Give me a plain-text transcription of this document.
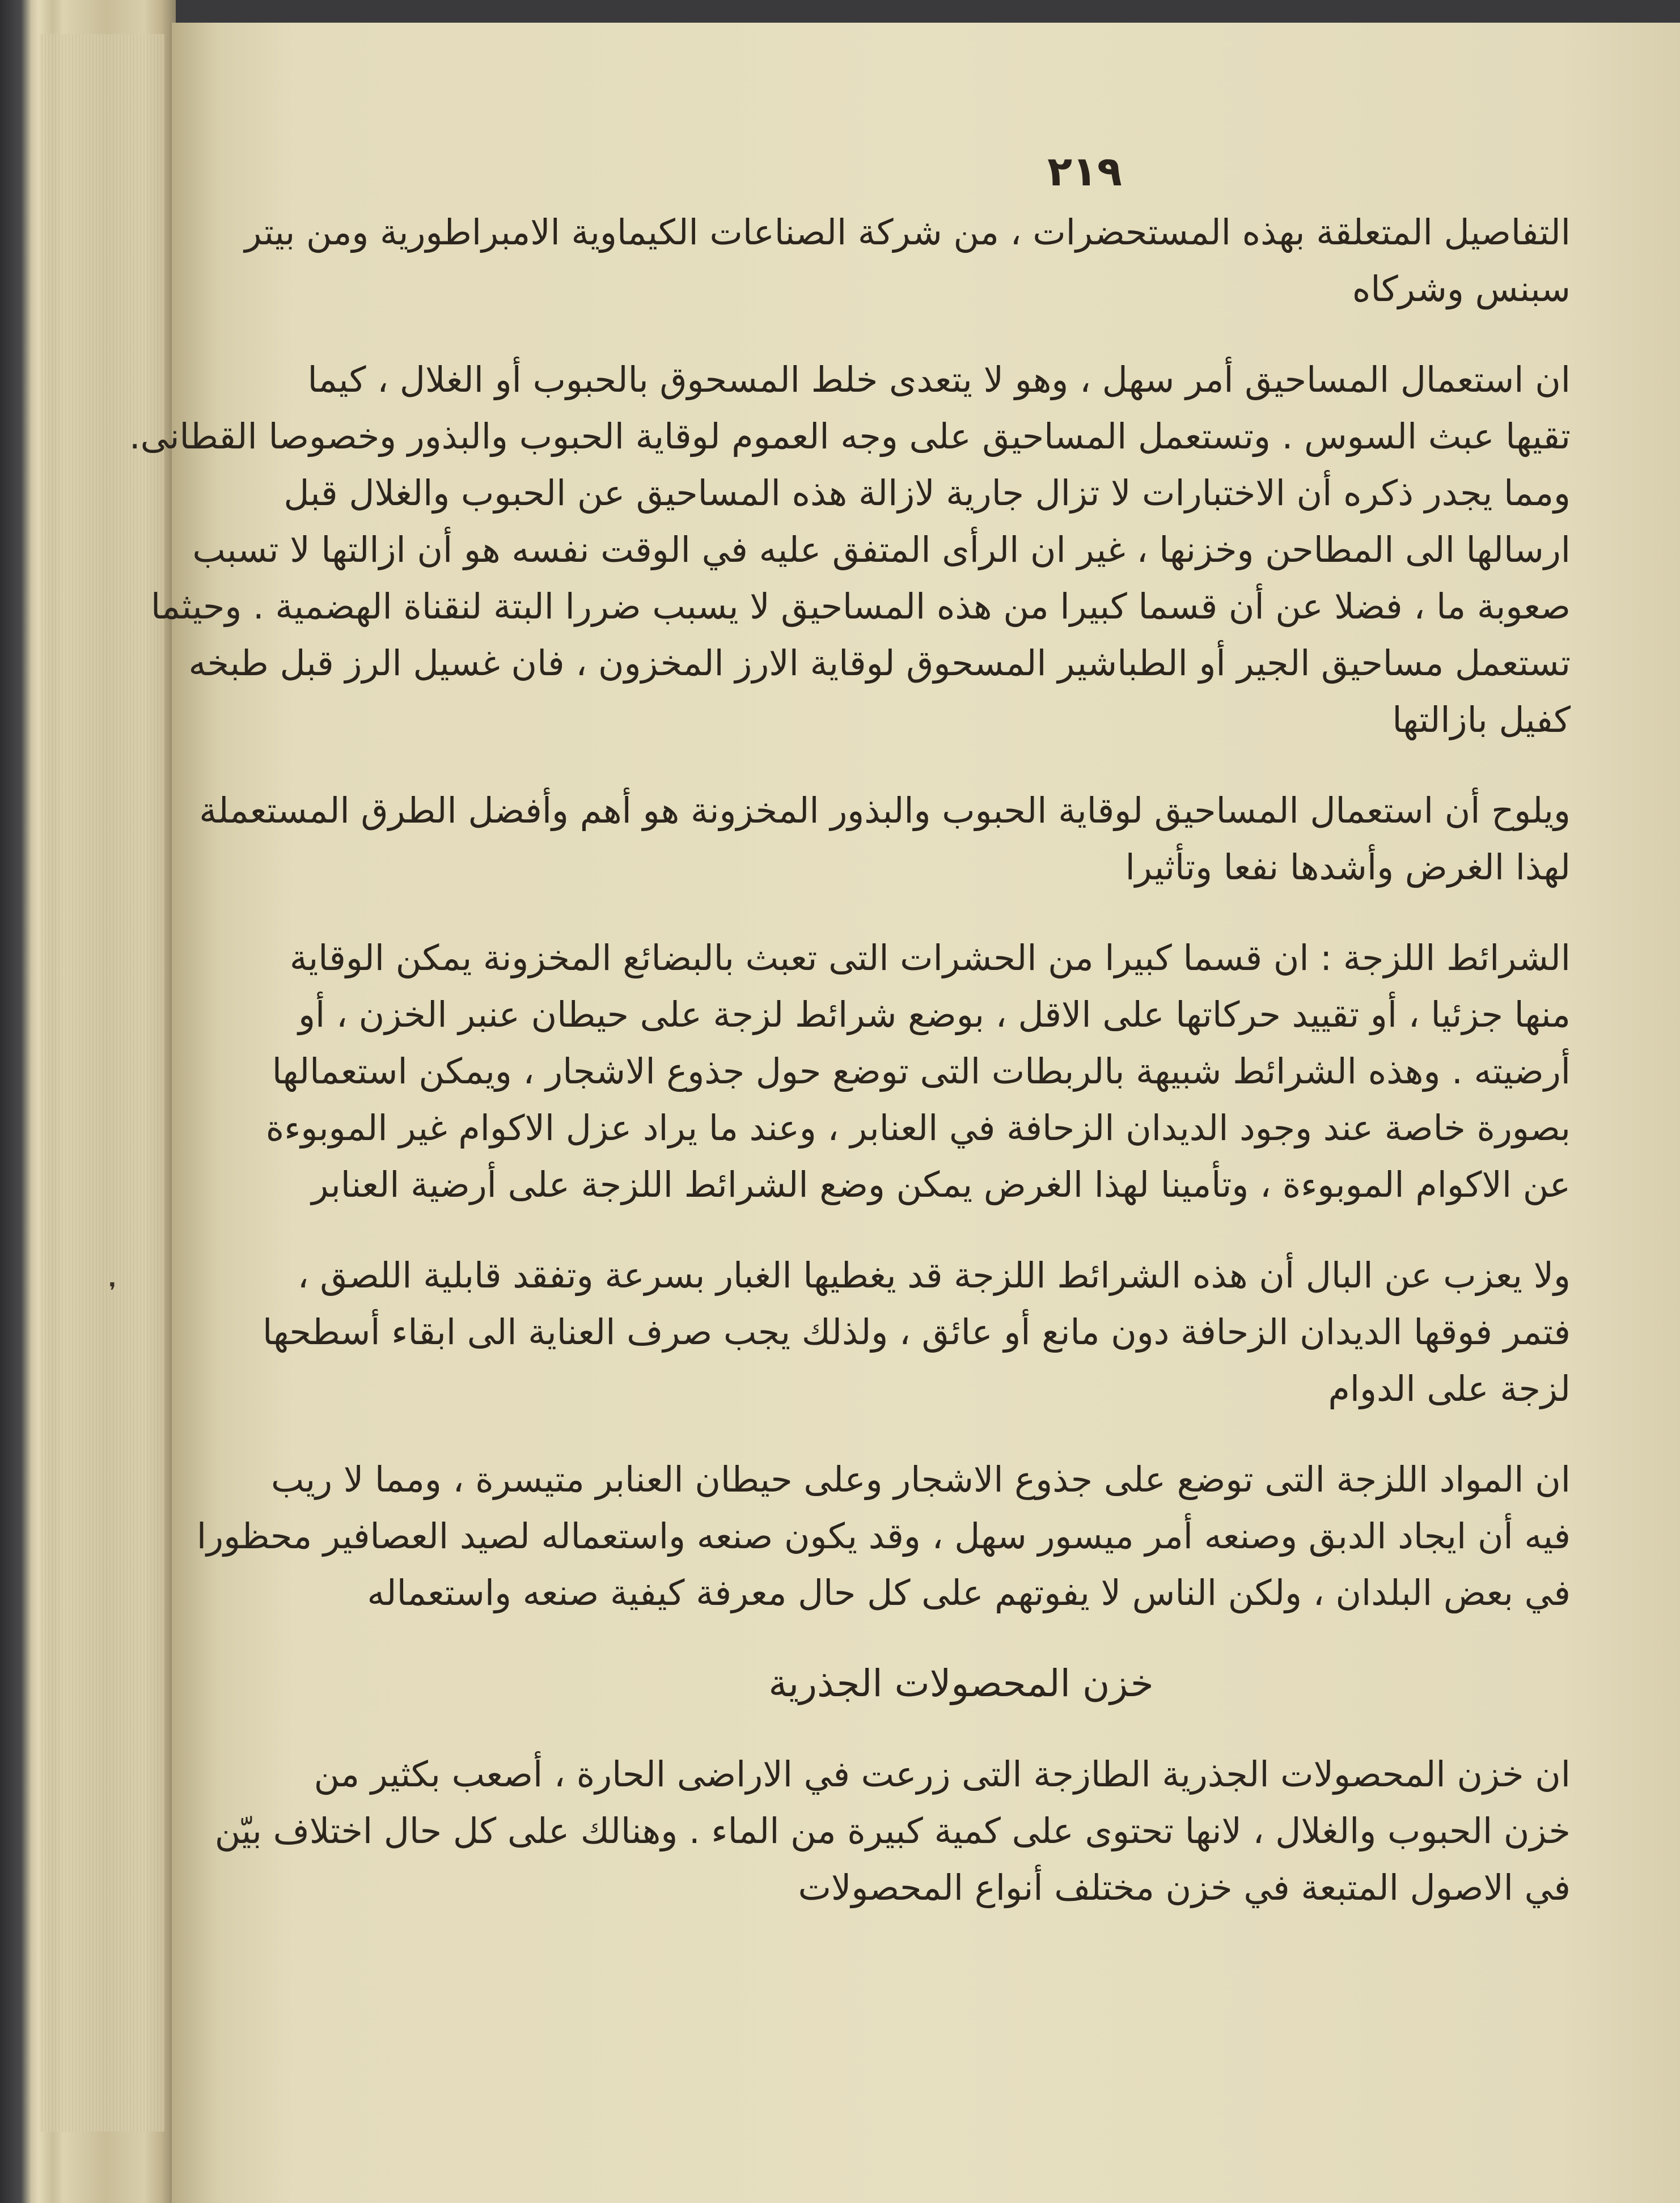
❜
٢١٩
التفاصيل المتعلقة بهذه المستحضرات ، من شركة الصناعات الكيماوية الامبراطورية ومن بيتر
سبنس وشركاه
ان استعمال المساحيق أمر سهل ، وهو لا يتعدى خلط المسحوق بالحبوب أو الغلال ، كيما
تقيها عبث السوس . وتستعمل المساحيق على وجه العموم لوقاية الحبوب والبذور وخصوصا القطانى.
ومما يجدر ذكره أن الاختبارات لا تزال جارية لازالة هذه المساحيق عن الحبوب والغلال قبل
ارسالها الى المطاحن وخزنها ، غير ان الرأى المتفق عليه في الوقت نفسه هو أن ازالتها لا تسبب
صعوبة ما ، فضلا عن أن قسما كبيرا من هذه المساحيق لا يسبب ضررا البتة لنقناة الهضمية . وحيثما
تستعمل مساحيق الجير أو الطباشير المسحوق لوقاية الارز المخزون ، فان غسيل الرز قبل طبخه
كفيل بازالتها
ويلوح أن استعمال المساحيق لوقاية الحبوب والبذور المخزونة هو أهم وأفضل الطرق المستعملة
لهذا الغرض وأشدها نفعا وتأثيرا
الشرائط اللزجة : ان قسما كبيرا من الحشرات التى تعبث بالبضائع المخزونة يمكن الوقاية
منها جزئيا ، أو تقييد حركاتها على الاقل ، بوضع شرائط لزجة على حيطان عنبر الخزن ، أو
أرضيته . وهذه الشرائط شبيهة بالربطات التى توضع حول جذوع الاشجار ، ويمكن استعمالها
بصورة خاصة عند وجود الديدان الزحافة في العنابر ، وعند ما يراد عزل الاكوام غير الموبوءة
عن الاكوام الموبوءة ، وتأمينا لهذا الغرض يمكن وضع الشرائط اللزجة على أرضية العنابر
ولا يعزب عن البال أن هذه الشرائط اللزجة قد يغطيها الغبار بسرعة وتفقد قابلية اللصق ،
فتمر فوقها الديدان الزحافة دون مانع أو عائق ، ولذلك يجب صرف العناية الى ابقاء أسطحها
لزجة على الدوام
ان المواد اللزجة التى توضع على جذوع الاشجار وعلى حيطان العنابر متيسرة ، ومما لا ريب
فيه أن ايجاد الدبق وصنعه أمر ميسور سهل ، وقد يكون صنعه واستعماله لصيد العصافير محظورا
في بعض البلدان ، ولكن الناس لا يفوتهم على كل حال معرفة كيفية صنعه واستعماله
خزن المحصولات الجذرية
ان خزن المحصولات الجذرية الطازجة التى زرعت في الاراضى الحارة ، أصعب بكثير من
خزن الحبوب والغلال ، لانها تحتوى على كمية كبيرة من الماء . وهنالك على كل حال اختلاف بيّن
في الاصول المتبعة في خزن مختلف أنواع المحصولات
